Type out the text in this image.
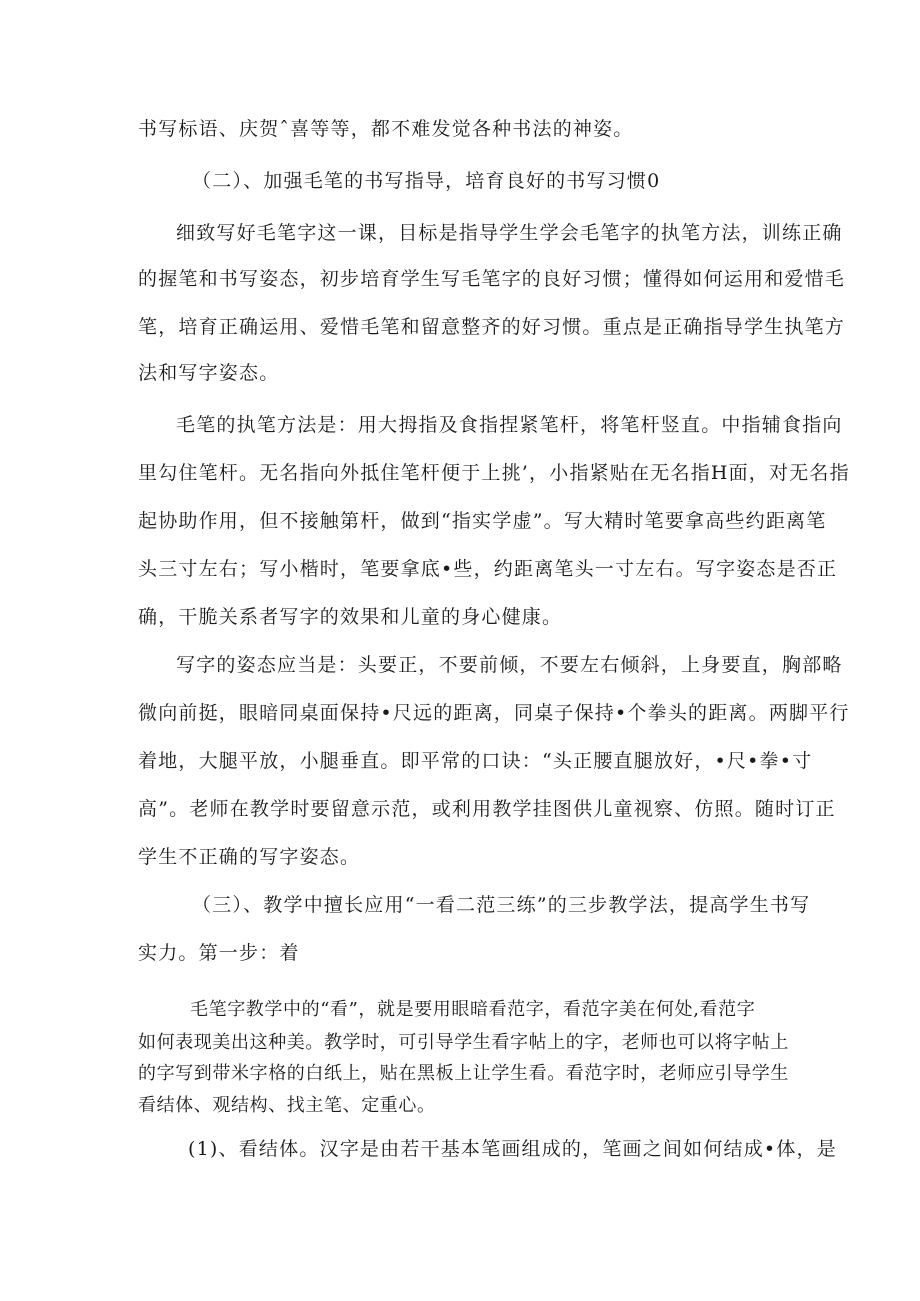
书写标语、庆贺ˆ喜等等，都不难发觉各种书法的神姿。
（二）、加强毛笔的书写指导，培育良好的书写习惯0
细致写好毛笔字这一课，目标是指导学生学会毛笔字的执笔方法，训练正确
的握笔和书写姿态，初步培育学生写毛笔字的良好习惯；懂得如何运用和爱惜毛
笔，培育正确运用、爱惜毛笔和留意整齐的好习惯。重点是正确指导学生执笔方
法和写字姿态。
毛笔的执笔方法是：用大拇指及食指捏紧笔杆，将笔杆竖直。中指辅食指向
里勾住笔杆。无名指向外抵住笔杆便于上挑’，小指紧贴在无名指H面，对无名指
起协助作用，但不接触第杆，做到“指实学虚”。写大精时笔要拿高些约距离笔
头三寸左右；写小楷时，笔要拿底•些，约距离笔头一寸左右。写字姿态是否正
确，干脆关系者写字的效果和儿童的身心健康。
写字的姿态应当是：头要正，不要前倾，不要左右倾斜，上身要直，胸部略
微向前挺，眼暗同桌面保持•尺远的距离，同桌子保持•个拳头的距离。两脚平行
着地，大腿平放，小腿垂直。即平常的口诀：“头正腰直腿放好，•尺•拳•寸
高”。老师在教学时要留意示范，或利用教学挂图供儿童视察、仿照。随时订正
学生不正确的写字姿态。
（三）、教学中擅长应用“一看二范三练”的三步教学法，提高学生书写
实力。第一步：着
毛笔字教学中的“看”，就是要用眼暗看范字，看范字美在何处,看范字
如何表现美出这种美。教学时，可引导学生看字帖上的字，老师也可以将字帖上
的字写到带米字格的白纸上，贴在黑板上让学生看。看范字时，老师应引导学生
看结体、观结构、找主笔、定重心。
(1)、看结体。汉字是由若干基本笔画组成的，笔画之间如何结成•体，是
